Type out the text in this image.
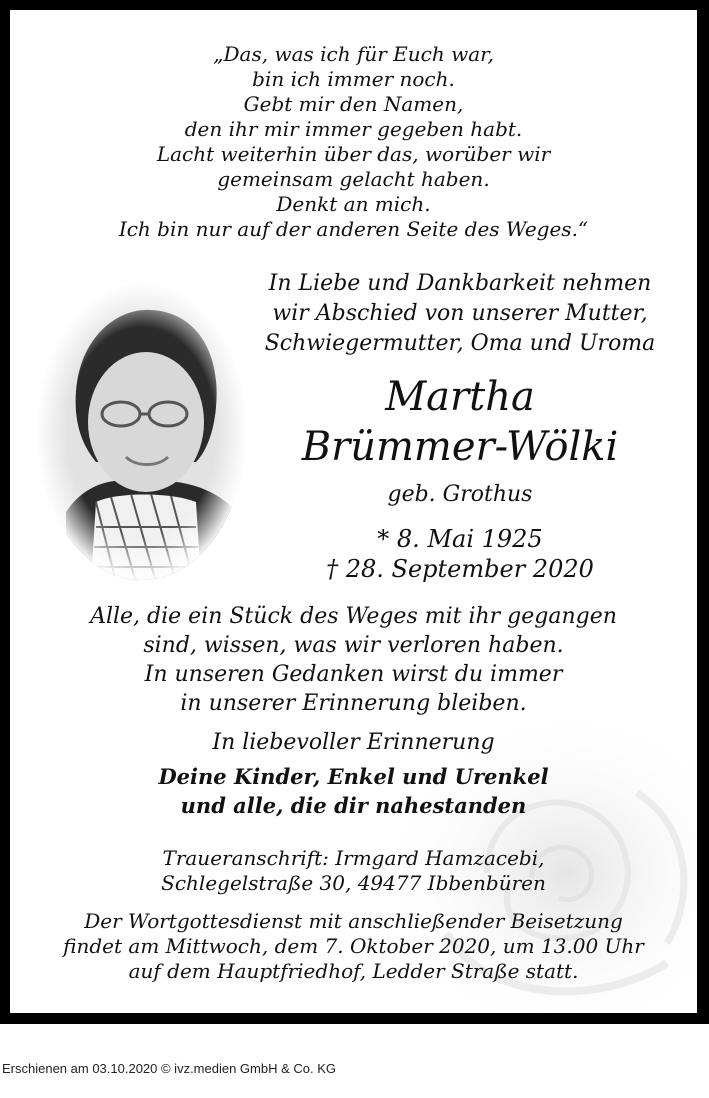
„Das, was ich für Euch war,
bin ich immer noch.
Gebt mir den Namen,
den ihr mir immer gegeben habt.
Lacht weiterhin über das, worüber wir
gemeinsam gelacht haben.
Denkt an mich.
Ich bin nur auf der anderen Seite des Weges.“
In Liebe und Dankbarkeit nehmen
wir Abschied von unserer Mutter,
Schwiegermutter, Oma und Uroma
Martha
Brümmer-Wölki
geb. Grothus
* 8. Mai 1925
† 28. September 2020
Alle, die ein Stück des Weges mit ihr gegangen
sind, wissen, was wir verloren haben.
In unseren Gedanken wirst du immer
in unserer Erinnerung bleiben.
In liebevoller Erinnerung
Deine Kinder, Enkel und Urenkel
und alle, die dir nahestanden
Traueranschrift: Irmgard Hamzacebi,
Schlegelstraße 30, 49477 Ibbenbüren
Der Wortgottesdienst mit anschließender Beisetzung
findet am Mittwoch, dem 7. Oktober 2020, um 13.00 Uhr
auf dem Hauptfriedhof, Ledder Straße statt.
Erschienen am 03.10.2020 © ivz.medien GmbH & Co. KG
